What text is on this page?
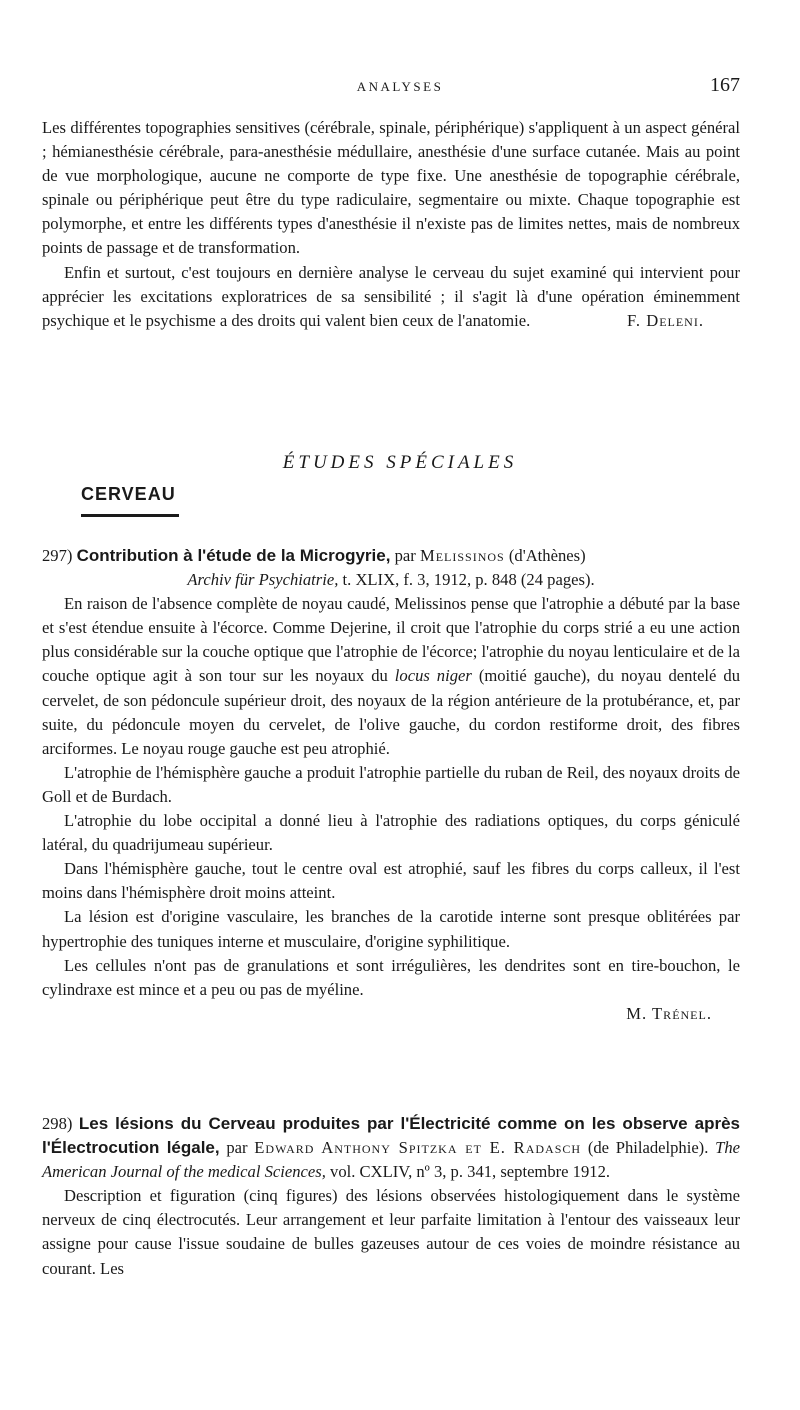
ANALYSES	167

Les différentes topographies sensitives (cérébrale, spinale, périphérique) s'appliquent à un aspect général ; hémianesthésie cérébrale, para-anesthésie médullaire, anesthésie d'une surface cutanée. Mais au point de vue morphologique, aucune ne comporte de type fixe. Une anesthésie de topographie cérébrale, spinale ou périphérique peut être du type radiculaire, segmentaire ou mixte. Chaque topographie est polymorphe, et entre les différents types d'anesthésie il n'existe pas de limites nettes, mais de nombreux points de passage et de transformation.

Enfin et surtout, c'est toujours en dernière analyse le cerveau du sujet examiné qui intervient pour apprécier les excitations exploratrices de sa sensibilité ; il s'agit là d'une opération éminemment psychique et le psychisme a des droits qui valent bien ceux de l'anatomie.	F. Deleni.

ÉTUDES SPÉCIALES
CERVEAU

297) Contribution à l'étude de la Microgyrie, par Melissinos (d'Athènes)

Archiv für Psychiatrie, t. XLIX, f. 3, 1912, p. 848 (24 pages).

En raison de l'absence complète de noyau caudé, Melissinos pense que l'atrophie a débuté par la base et s'est étendue ensuite à l'écorce. Comme Dejerine, il croit que l'atrophie du corps strié a eu une action plus considérable sur la couche optique que l'atrophie de l'écorce; l'atrophie du noyau lenticulaire et de la couche optique agit à son tour sur les noyaux du locus niger (moitié gauche), du noyau dentelé du cervelet, de son pédoncule supérieur droit, des noyaux de la région antérieure de la protubérance, et, par suite, du pédoncule moyen du cervelet, de l'olive gauche, du cordon restiforme droit, des fibres arciformes. Le noyau rouge gauche est peu atrophié.

L'atrophie de l'hémisphère gauche a produit l'atrophie partielle du ruban de Reil, des noyaux droits de Goll et de Burdach.

L'atrophie du lobe occipital a donné lieu à l'atrophie des radiations optiques, du corps géniculé latéral, du quadrijumeau supérieur.

Dans l'hémisphère gauche, tout le centre oval est atrophié, sauf les fibres du corps calleux, il l'est moins dans l'hémisphère droit moins atteint.

La lésion est d'origine vasculaire, les branches de la carotide interne sont presque oblitérées par hypertrophie des tuniques interne et musculaire, d'origine syphilitique.

Les cellules n'ont pas de granulations et sont irrégulières, les dendrites sont en tire-bouchon, le cylindraxe est mince et a peu ou pas de myéline.

M. Trénel.

298) Les lésions du Cerveau produites par l'Électricité comme on les observe après l'Électrocution légale, par Edward Anthony Spitzka et E. Radasch (de Philadelphie). The American Journal of the medical Sciences, vol. CXLIV, nº 3, p. 341, septembre 1912.

Description et figuration (cinq figures) des lésions observées histologiquement dans le système nerveux de cinq électrocutés. Leur arrangement et leur parfaite limitation à l'entour des vaisseaux leur assigne pour cause l'issue soudaine de bulles gazeuses autour de ces voies de moindre résistance au courant. Les
